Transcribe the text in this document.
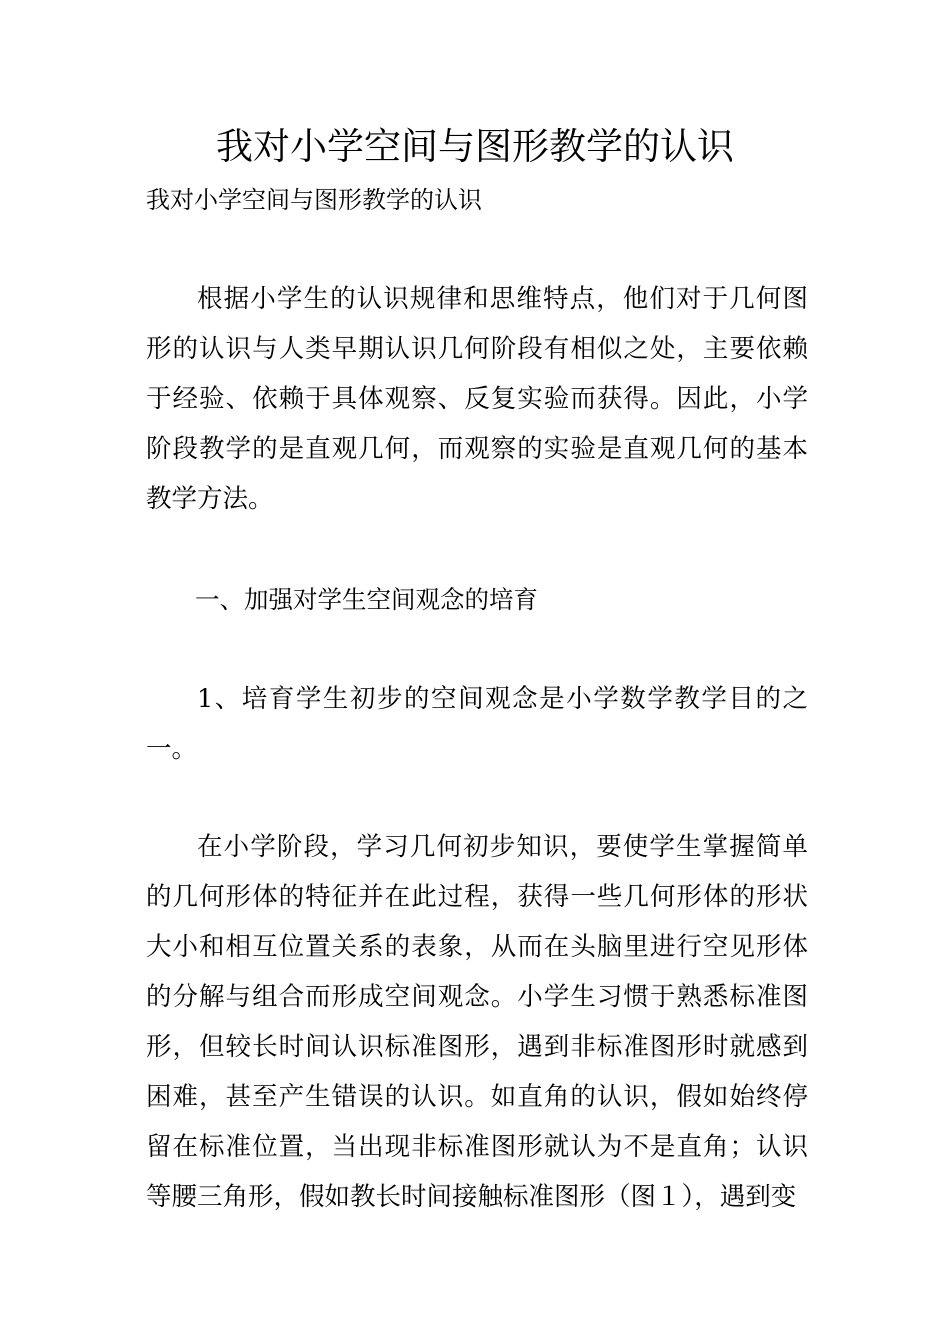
我对小学空间与图形教学的认识

我对小学空间与图形教学的认识

根据小学生的认识规律和思维特点，他们对于几何图形的认识与人类早期认识几何阶段有相似之处，主要依赖于经验、依赖于具体观察、反复实验而获得。因此，小学阶段教学的是直观几何，而观察的实验是直观几何的基本教学方法。

一、加强对学生空间观念的培育

1、培育学生初步的空间观念是小学数学教学目的之一。

在小学阶段，学习几何初步知识，要使学生掌握简单的几何形体的特征并在此过程，获得一些几何形体的形状大小和相互位置关系的表象，从而在头脑里进行空见形体的分解与组合而形成空间观念。小学生习惯于熟悉标准图形，但较长时间认识标准图形，遇到非标准图形时就感到困难，甚至产生错误的认识。如直角的认识，假如始终停留在标准位置，当出现非标准图形就认为不是直角；认识等腰三角形，假如教长时间接触标准图形（图１），遇到变
